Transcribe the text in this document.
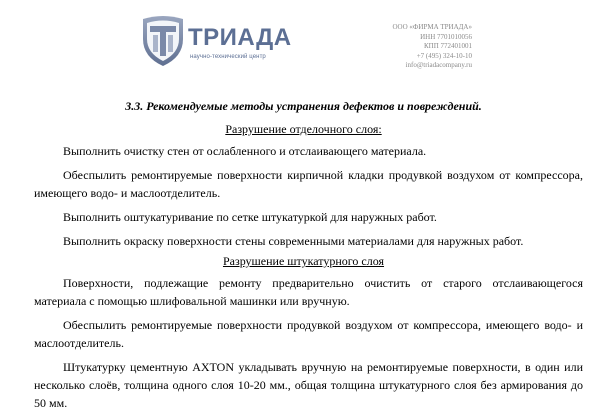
ТРИАДА
научно-технический центр
ООО «ФИРМА ТРИАДА»
ИНН 7701010056
КПП 772401001
+7 (495) 324-10-10
info@triadacompany.ru
3.3. Рекомендуемые методы устранения дефектов и повреждений.
Разрушение отделочного слоя:
Выполнить очистку стен от ослабленного и отслаивающего материала.
Обеспылить ремонтируемые поверхности кирпичной кладки продувкой воздухом от компрессора, имеющего водо- и маслоотделитель.
Выполнить оштукатуривание по сетке штукатуркой для наружных работ.
Выполнить окраску поверхности стены современными материалами для наружных работ.
Разрушение штукатурного слоя
Поверхности, подлежащие ремонту предварительно очистить от старого отслаивающегося материала с помощью шлифовальной машинки или вручную.
Обеспылить ремонтируемые поверхности продувкой воздухом от компрессора, имеющего водо- и маслоотделитель.
Штукатурку цементную AXTON укладывать вручную на ремонтируемые поверхности, в один или несколько слоёв, толщина одного слоя 10-20 мм., общая толщина штукатурного слоя без армирования до 50 мм.
